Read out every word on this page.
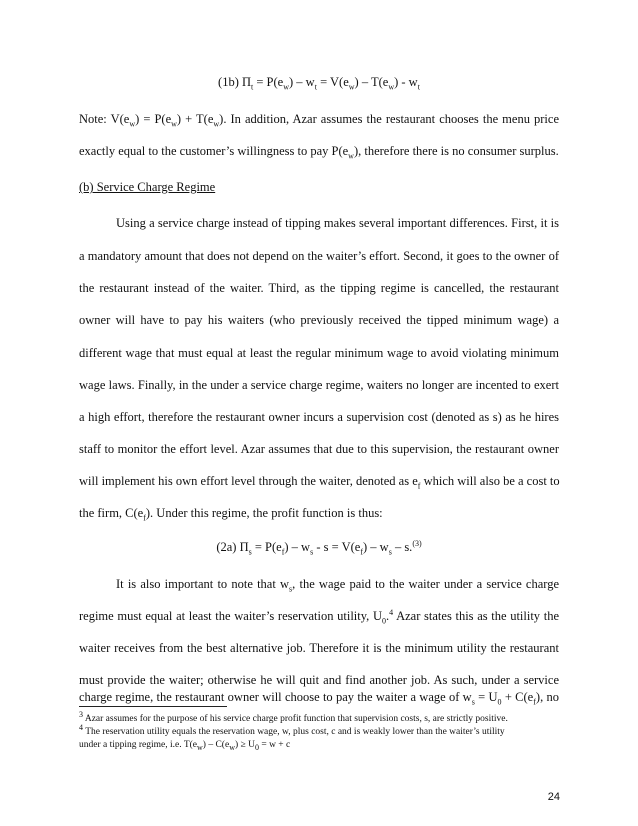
(1b) $\Pi_t = P(e_w) - w_t = V(e_w) - T(e_w) - w_t$
Note: $V(e_w) = P(e_w) + T(e_w)$. In addition, Azar assumes the restaurant chooses the menu price
exactly equal to the customer’s willingness to pay $P(e_w)$, therefore there is no consumer surplus.
(b) Service Charge Regime
Using a service charge instead of tipping makes several important differences. First, it is
a mandatory amount that does not depend on the waiter’s effort. Second, it goes to the owner of
the restaurant instead of the waiter. Third, as the tipping regime is cancelled, the restaurant
owner will have to pay his waiters (who previously received the tipped minimum wage) a
different wage that must equal at least the regular minimum wage to avoid violating minimum
wage laws. Finally, in the under a service charge regime, waiters no longer are incented to exert
a high effort, therefore the restaurant owner incurs a supervision cost (denoted as s) as he hires
staff to monitor the effort level. Azar assumes that due to this supervision, the restaurant owner
will implement his own effort level through the waiter, denoted as $e_f$ which will also be a cost to
the firm, $C(e_f)$. Under this regime, the profit function is thus:
(2a) $\Pi_s = P(e_f) - w_s - s = V(e_f) - w_s - s.^{(3)}$
It is also important to note that $w_s$, the wage paid to the waiter under a service charge
regime must equal at least the waiter’s reservation utility, $U_0.^4$ Azar states this as the utility the
waiter receives from the best alternative job. Therefore it is the minimum utility the restaurant
must provide the waiter; otherwise he will quit and find another job. As such, under a service
charge regime, the restaurant owner will choose to pay the waiter a wage of $w_s = U_0 + C(e_f)$, no
$^3$ Azar assumes for the purpose of his service charge profit function that supervision costs, s, are strictly positive.
$^4$ The reservation utility equals the reservation wage, w, plus cost, c and is weakly lower than the waiter’s utility
under a tipping regime, i.e. $T(e_w) - C(e_w) \ge U_0 = w + c$
24
